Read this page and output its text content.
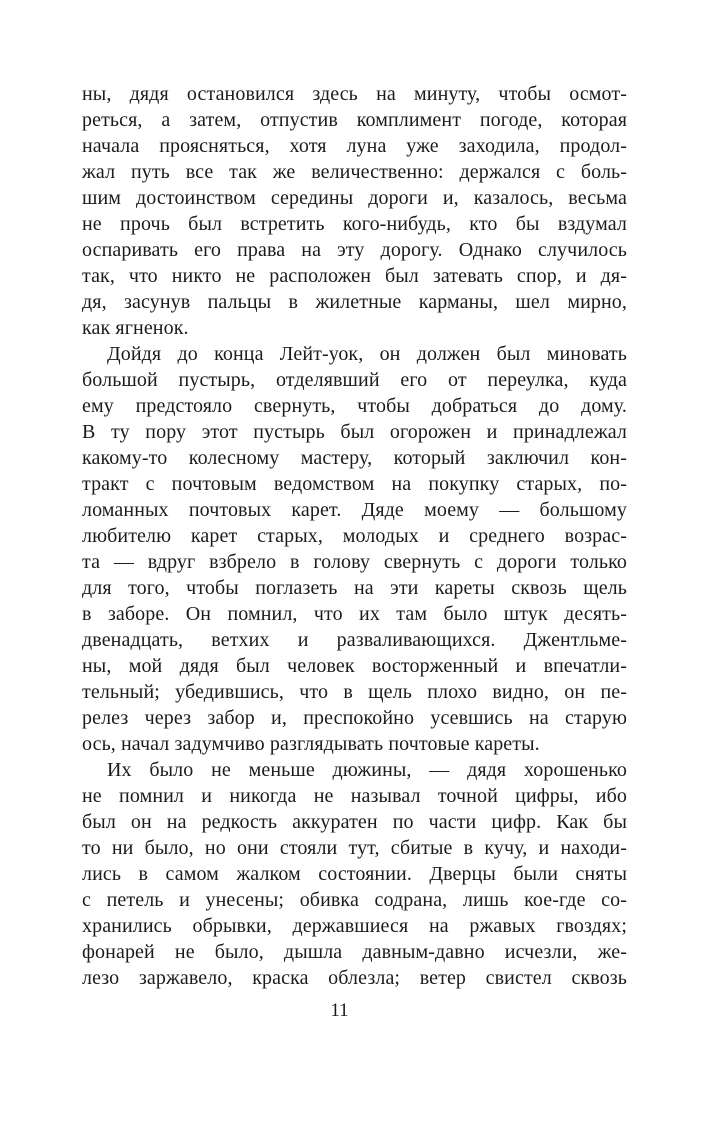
ны, дядя остановился здесь на минуту, чтобы осмот-
реться, а затем, отпустив комплимент погоде, которая
начала проясняться, хотя луна уже заходила, продол-
жал путь все так же величественно: держался с боль-
шим достоинством середины дороги и, казалось, весьма
не прочь был встретить кого-нибудь, кто бы вздумал
оспаривать его права на эту дорогу. Однако случилось
так, что никто не расположен был затевать спор, и дя-
дя, засунув пальцы в жилетные карманы, шел мирно,
как ягненок.
Дойдя до конца Лейт-уок, он должен был миновать
большой пустырь, отделявший его от переулка, куда
ему предстояло свернуть, чтобы добраться до дому.
В ту пору этот пустырь был огорожен и принадлежал
какому-то колесному мастеру, который заключил кон-
тракт с почтовым ведомством на покупку старых, по-
ломанных почтовых карет. Дяде моему — большому
любителю карет старых, молодых и среднего возрас-
та — вдруг взбрело в голову свернуть с дороги только
для того, чтобы поглазеть на эти кареты сквозь щель
в заборе. Он помнил, что их там было штук десять-
двенадцать, ветхих и разваливающихся. Джентльме-
ны, мой дядя был человек восторженный и впечатли-
тельный; убедившись, что в щель плохо видно, он пе-
релез через забор и, преспокойно усевшись на старую
ось, начал задумчиво разглядывать почтовые кареты.
Их было не меньше дюжины, — дядя хорошенько
не помнил и никогда не называл точной цифры, ибо
был он на редкость аккуратен по части цифр. Как бы
то ни было, но они стояли тут, сбитые в кучу, и находи-
лись в самом жалком состоянии. Дверцы были сняты
с петель и унесены; обивка содрана, лишь кое-где со-
хранились обрывки, державшиеся на ржавых гвоздях;
фонарей не было, дышла давным-давно исчезли, же-
лезо заржавело, краска облезла; ветер свистел сквозь
11
